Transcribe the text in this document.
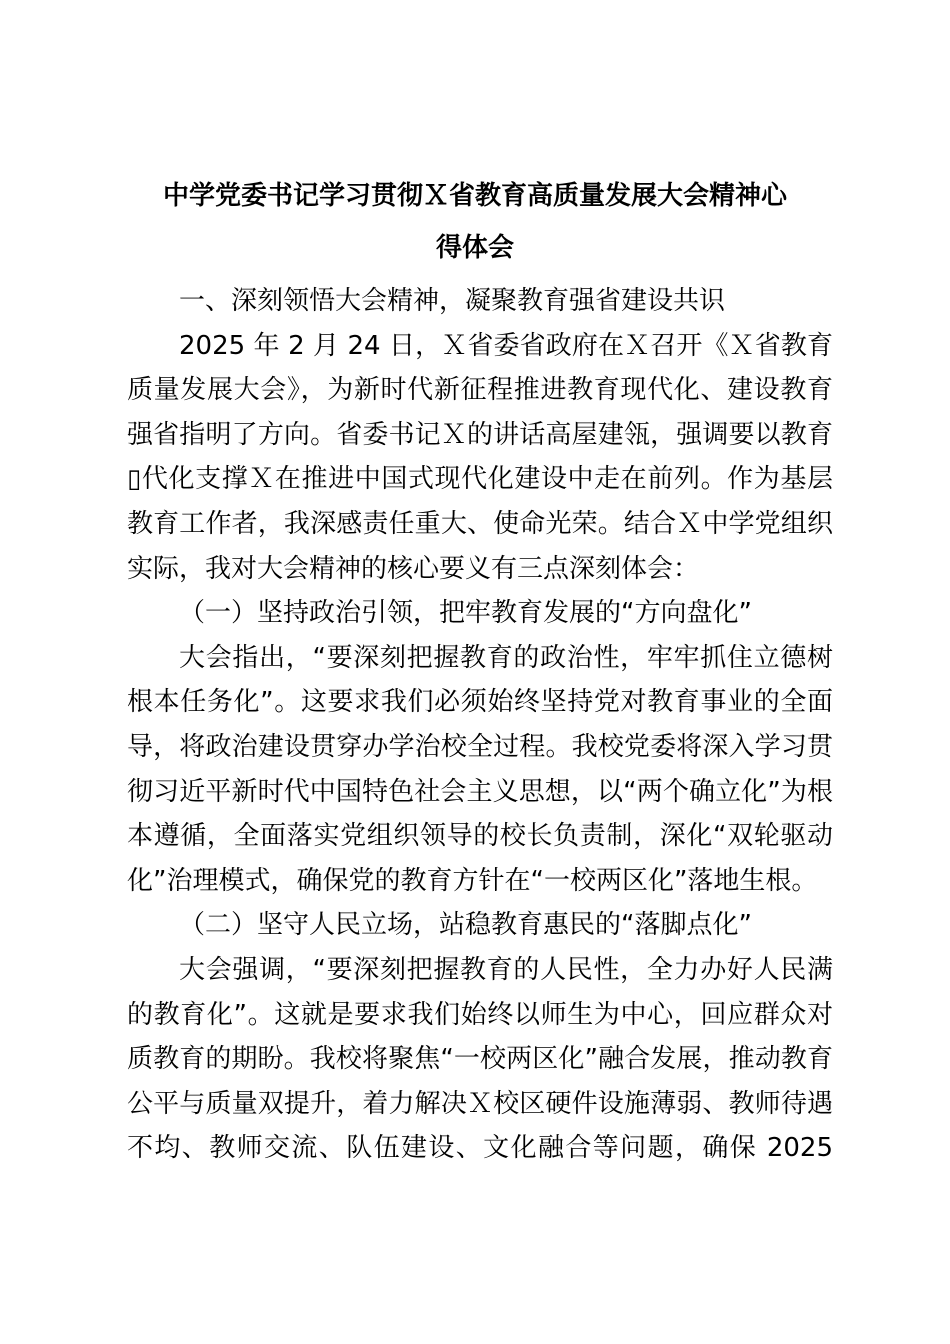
中学党委书记学习贯彻Ｘ省教育高质量发展大会精神心
得体会
一、深刻领悟大会精神，凝聚教育强省建设共识
2025 年 2 月 24 日，Ｘ省委省政府在Ｘ召开《Ｘ省教育
质量发展大会》，为新时代新征程推进教育现代化、建设教育
强省指明了方向。省委书记Ｘ的讲话高屋建瓴，强调要以教育
▯代化支撑Ｘ在推进中国式现代化建设中走在前列。作为基层
教育工作者，我深感责任重大、使命光荣。结合Ｘ中学党组织
实际，我对大会精神的核心要义有三点深刻体会：
（一）坚持政治引领，把牢教育发展的“方向盘化”
大会指出，“要深刻把握教育的政治性，牢牢抓住立德树
根本任务化”。这要求我们必须始终坚持党对教育事业的全面
导，将政治建设贯穿办学治校全过程。我校党委将深入学习贯
彻习近平新时代中国特色社会主义思想，以“两个确立化”为根
本遵循，全面落实党组织领导的校长负责制，深化“双轮驱动
化”治理模式，确保党的教育方针在“一校两区化”落地生根。
（二）坚守人民立场，站稳教育惠民的“落脚点化”
大会强调，“要深刻把握教育的人民性，全力办好人民满
的教育化”。这就是要求我们始终以师生为中心，回应群众对
质教育的期盼。我校将聚焦“一校两区化”融合发展，推动教育
公平与质量双提升，着力解决Ｘ校区硬件设施薄弱、教师待遇
不均、教师交流、队伍建设、文化融合等问题，确保 2025
